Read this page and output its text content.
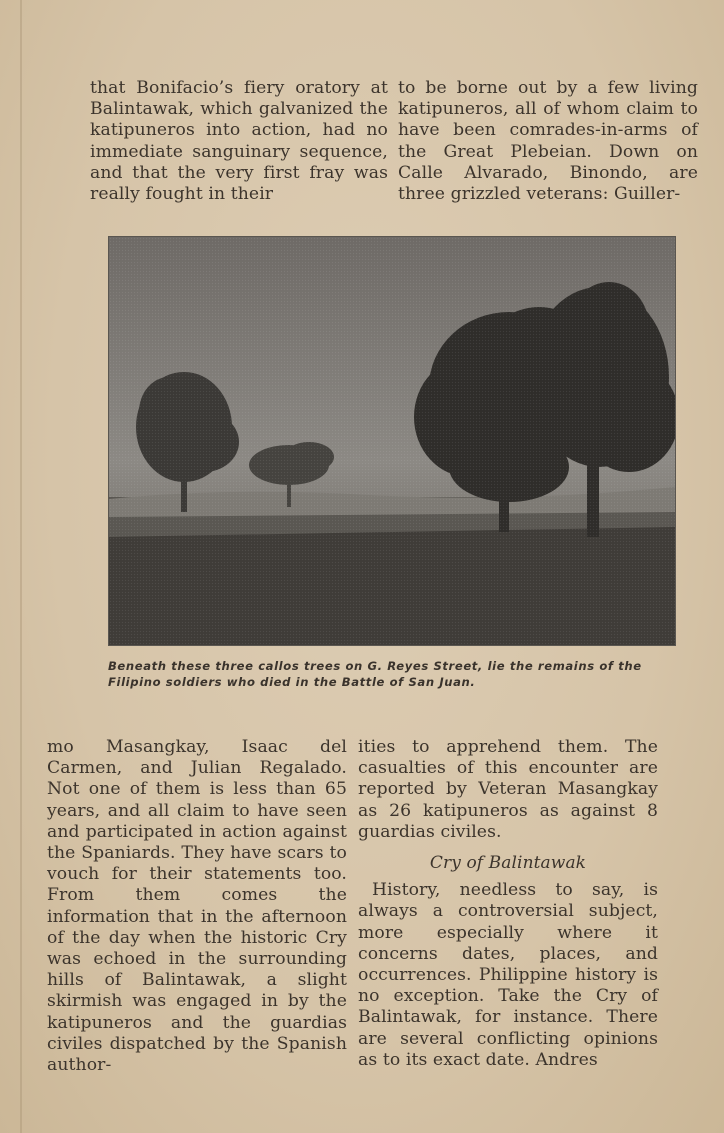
that Bonifacio’s fiery oratory at Balintawak, which galvanized the katipuneros into action, had no immediate sanguinary sequence, and that the very first fray was really fought in their

to be borne out by a few living katipuneros, all of whom claim to have been comrades-in-arms of the Great Plebeian. Down on Calle Alvarado, Binondo, are three grizzled veterans: Guiller-

Beneath these three callos trees on G. Reyes Street, lie the remains of the Filipino soldiers who died in the Battle of San Juan.

mo Masangkay, Isaac del Carmen, and Julian Regalado. Not one of them is less than 65 years, and all claim to have seen and participated in action against the Spaniards. They have scars to vouch for their statements too. From them comes the information that in the afternoon of the day when the historic Cry was echoed in the surrounding hills of Balintawak, a slight skirmish was engaged in by the katipuneros and the guardias civiles dispatched by the Spanish author-

ities to apprehend them. The casualties of this encounter are reported by Veteran Masangkay as 26 katipuneros as against 8 guardias civiles.

Cry of Balintawak

History, needless to say, is always a controversial subject, more especially where it concerns dates, places, and occurrences. Philippine history is no exception. Take the Cry of Balintawak, for instance. There are several conflicting opinions as to its exact date. Andres
